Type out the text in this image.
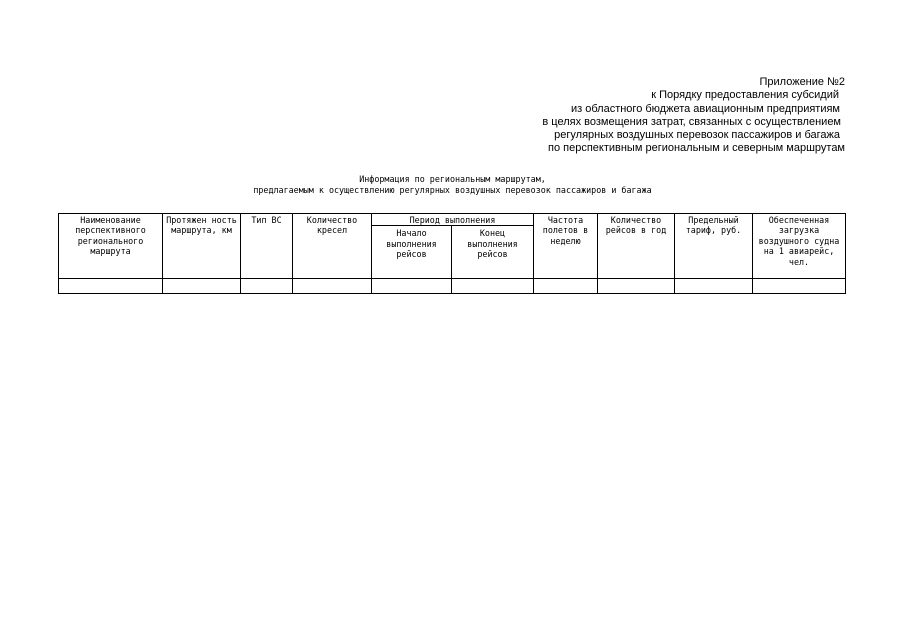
Приложение №2
к Порядку предоставления субсидий
из областного бюджета авиационным предприятиям
в целях возмещения затрат, связанных с осуществлением
регулярных воздушных перевозок пассажиров и багажа
по перспективным региональным и северным маршрутам
Информация по региональным маршрутам,
предлагаемым к осуществлению регулярных воздушных перевозок пассажиров и багажа
Наименование перспективного регионального маршрута	Протяжен ность маршрута, км	Тип ВС	Количество кресел	Период выполнения		Частота полетов в неделю	Количество рейсов в год	Предельный тариф, руб.	Обеспеченная загрузка воздушного судна на 1 авиарейс, чел.
				Начало выполнения рейсов	Конец выполнения рейсов				
